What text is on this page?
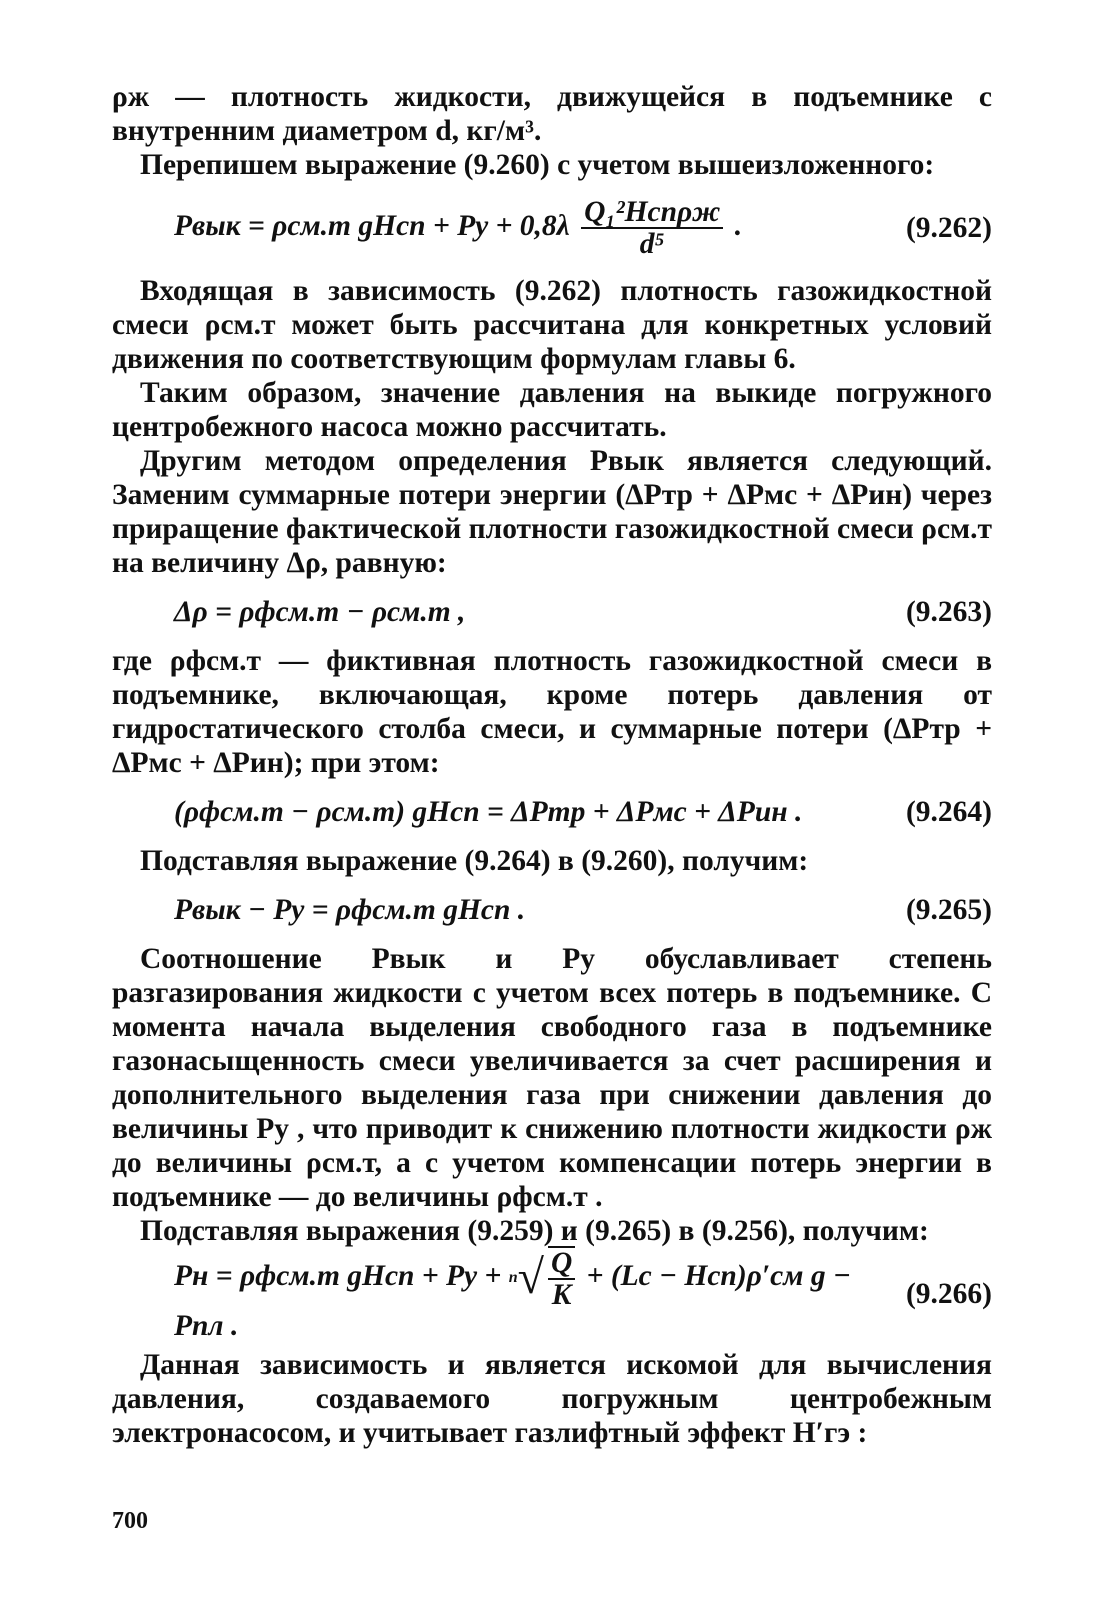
ρж — плотность жидкости, движущейся в подъемнике с внутренним диаметром d, кг/м³.

Перепишем выражение (9.260) с учетом вышеизложенного:

Pвык = ρсм.т gHсп + Pу + 0,8λ Q₁²Hспρж
d⁵
.	(9.262)

Входящая в зависимость (9.262) плотность газожидкостной смеси ρсм.т может быть рассчитана для конкретных условий движения по соответствующим формулам главы 6.

Таким образом, значение давления на выкиде погружного центробежного насоса можно рассчитать.

Другим методом определения Pвык является следующий. Заменим суммарные потери энергии (ΔPтр + ΔPмс + ΔPин) через приращение фактической плотности газожидкостной смеси ρсм.т на величину Δρ, равную:

Δρ = ρфсм.т − ρсм.т ,	(9.263)

где ρфсм.т — фиктивная плотность газожидкостной смеси в подъемнике, включающая, кроме потерь давления от гидростатического столба смеси, и суммарные потери (ΔPтр + ΔPмс + ΔPин); при этом:

(ρфсм.т − ρсм.т) gHсп = ΔPтр + ΔPмс + ΔPин .	(9.264)

Подставляя выражение (9.264) в (9.260), получим:

Pвык − Pу = ρфсм.т gHсп .	(9.265)

Соотношение Pвык и Pу обуславливает степень разгазирования жидкости с учетом всех потерь в подъемнике. С момента начала выделения свободного газа в подъемнике газонасыщенность смеси увеличивается за счет расширения и дополнительного выделения газа при снижении давления до величины Pу , что приводит к снижению плотности жидкости ρж до величины ρсм.т, а с учетом компенсации потерь энергии в подъемнике — до величины ρфсм.т .

Подставляя выражения (9.259) и (9.265) в (9.256), получим:

Pн = ρфсм.т gHсп + Pу + n √ $\frac{Q}{K} + (Lс - Hсп)\rho'см$ g − Pпл .
(9.266)

Данная зависимость и является искомой для вычисления давления, создаваемого погружным центробежным электронасосом, и учитывает газлифтный эффект H′гэ :

700
